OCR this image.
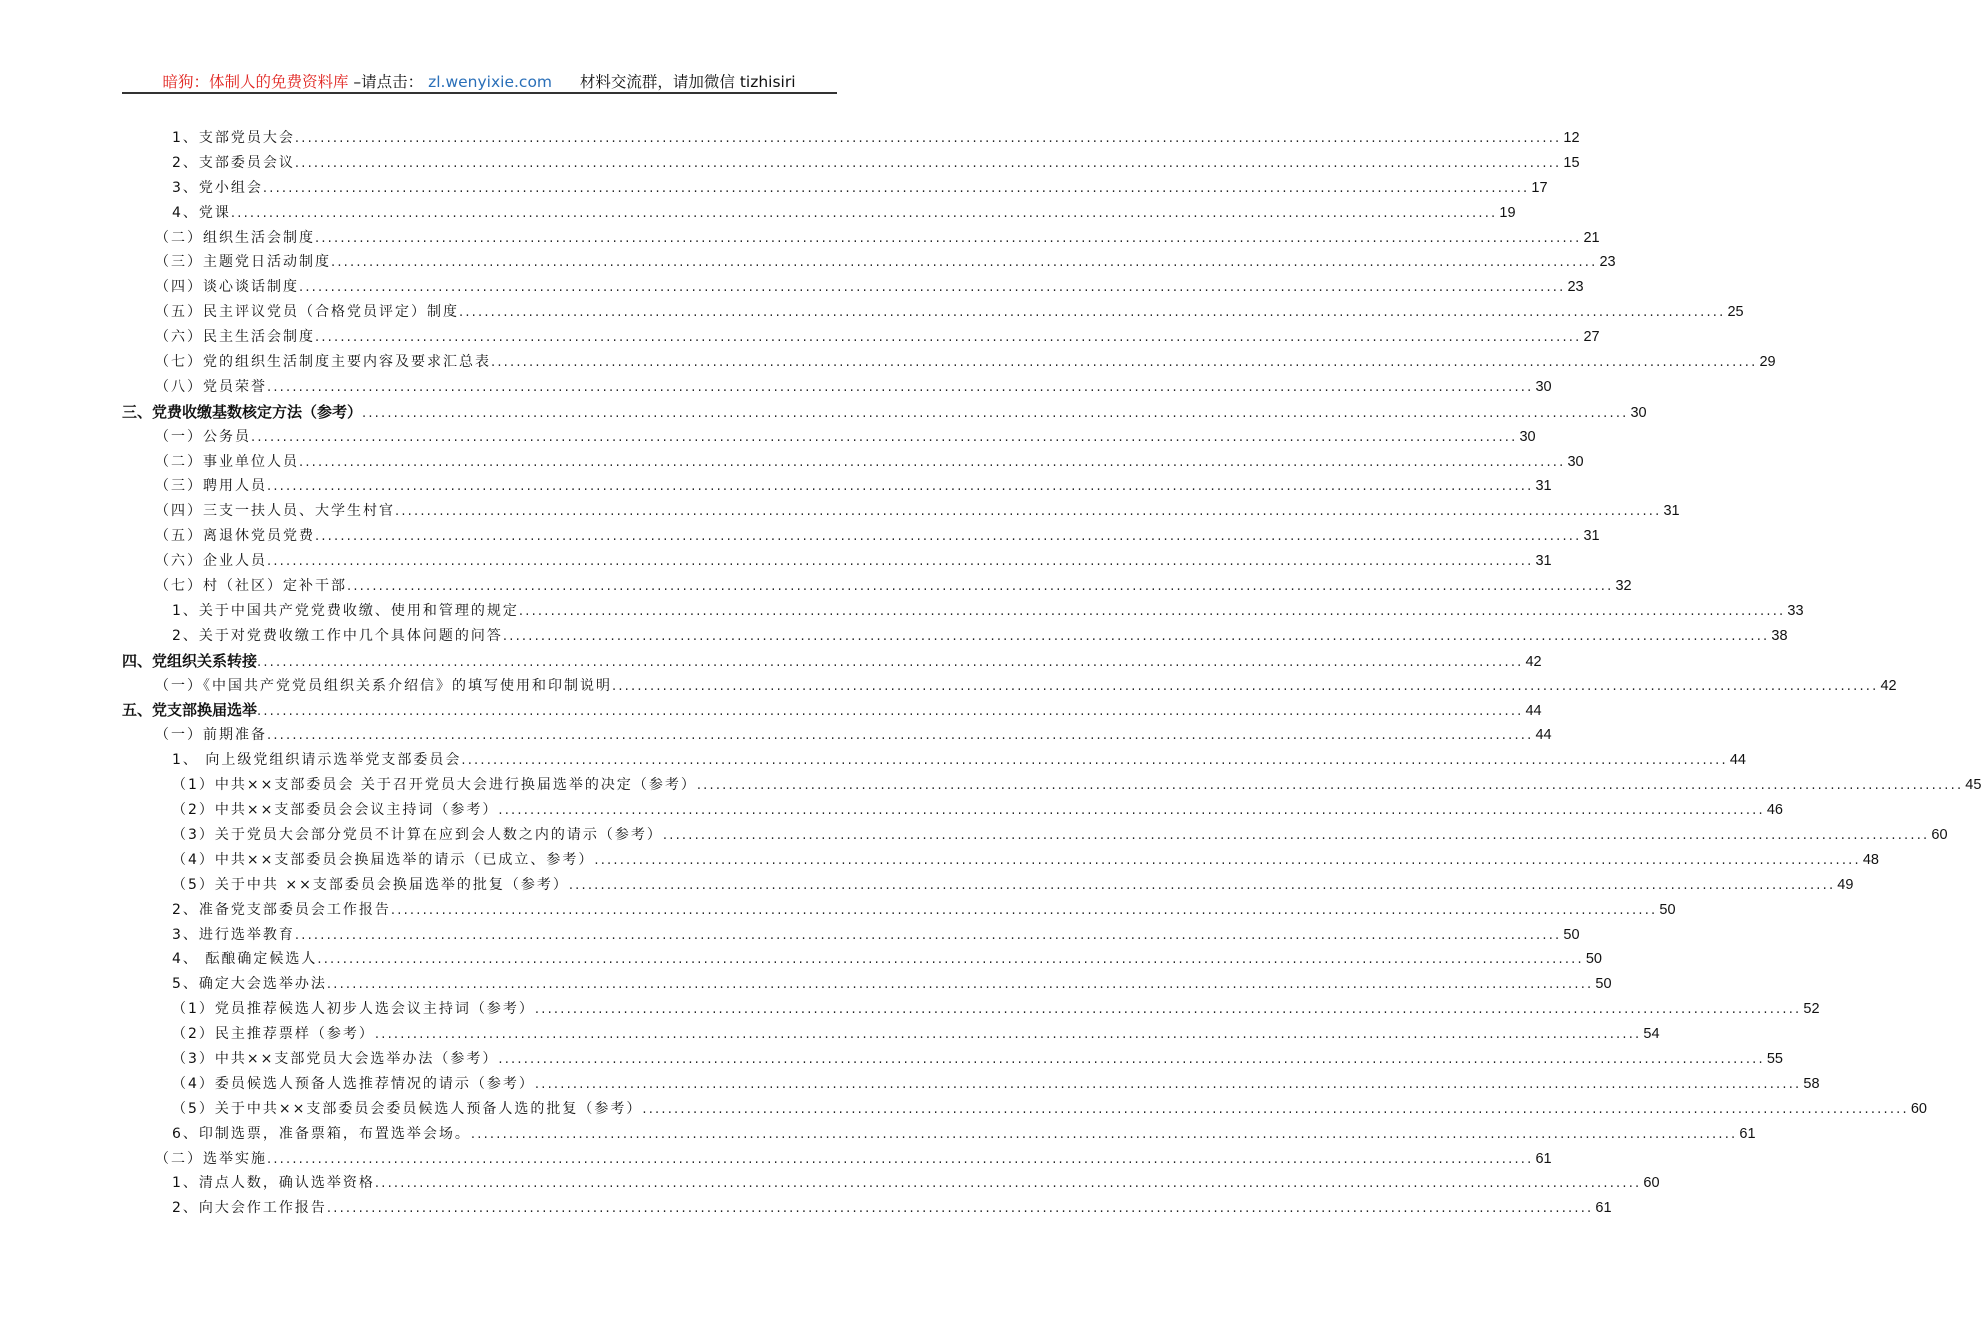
暗狗：体制人的免费资料库 –请点击： zl.wenyixie.com 材料交流群，请加微信 tizhisiri
1、支部党员大会 ........................................................................................................................................................................................................ 12
2、支部委员会议 ........................................................................................................................................................................................................ 15
3、党小组会 ........................................................................................................................................................................................................ 17
4、党课 ........................................................................................................................................................................................................ 19
（二）组织生活会制度 ........................................................................................................................................................................................................ 21
（三）主题党日活动制度 ........................................................................................................................................................................................................ 23
（四）谈心谈话制度 ........................................................................................................................................................................................................ 23
（五）民主评议党员（合格党员评定）制度 ........................................................................................................................................................................................................ 25
（六）民主生活会制度 ........................................................................................................................................................................................................ 27
（七）党的组织生活制度主要内容及要求汇总表 ........................................................................................................................................................................................................ 29
（八）党员荣誉 ........................................................................................................................................................................................................ 30
三、党费收缴基数核定方法（参考） ........................................................................................................................................................................................................ 30
（一）公务员 ........................................................................................................................................................................................................ 30
（二）事业单位人员 ........................................................................................................................................................................................................ 30
（三）聘用人员 ........................................................................................................................................................................................................ 31
（四）三支一扶人员、大学生村官 ........................................................................................................................................................................................................ 31
（五）离退休党员党费 ........................................................................................................................................................................................................ 31
（六）企业人员 ........................................................................................................................................................................................................ 31
（七）村（社区）定补干部 ........................................................................................................................................................................................................ 32
1、关于中国共产党党费收缴、使用和管理的规定 ........................................................................................................................................................................................................ 33
2、关于对党费收缴工作中几个具体问题的问答 ........................................................................................................................................................................................................ 38
四、党组织关系转接 ........................................................................................................................................................................................................ 42
（一）《中国共产党党员组织关系介绍信》的填写使用和印制说明 ........................................................................................................................................................................................................ 42
五、党支部换届选举 ........................................................................................................................................................................................................ 44
（一）前期准备 ........................................................................................................................................................................................................ 44
1、 向上级党组织请示选举党支部委员会 ........................................................................................................................................................................................................ 44
（1）中共××支部委员会 关于召开党员大会进行换届选举的决定（参考） ........................................................................................................................................................................................................ 45
（2）中共××支部委员会会议主持词（参考） ........................................................................................................................................................................................................ 46
（3）关于党员大会部分党员不计算在应到会人数之内的请示（参考） ........................................................................................................................................................................................................ 60
（4）中共××支部委员会换届选举的请示（已成立、参考） ........................................................................................................................................................................................................ 48
（5）关于中共 ××支部委员会换届选举的批复（参考） ........................................................................................................................................................................................................ 49
2、准备党支部委员会工作报告 ........................................................................................................................................................................................................ 50
3、进行选举教育 ........................................................................................................................................................................................................ 50
4、 酝酿确定候选人 ........................................................................................................................................................................................................ 50
5、确定大会选举办法 ........................................................................................................................................................................................................ 50
（1）党员推荐候选人初步人选会议主持词（参考） ........................................................................................................................................................................................................ 52
（2）民主推荐票样（参考） ........................................................................................................................................................................................................ 54
（3）中共××支部党员大会选举办法（参考） ........................................................................................................................................................................................................ 55
（4）委员候选人预备人选推荐情况的请示（参考） ........................................................................................................................................................................................................ 58
（5）关于中共××支部委员会委员候选人预备人选的批复（参考） ........................................................................................................................................................................................................ 60
6、印制选票，准备票箱，布置选举会场。 ........................................................................................................................................................................................................ 61
（二）选举实施 ........................................................................................................................................................................................................ 61
1、清点人数，确认选举资格 ........................................................................................................................................................................................................ 60
2、向大会作工作报告 ........................................................................................................................................................................................................ 61
